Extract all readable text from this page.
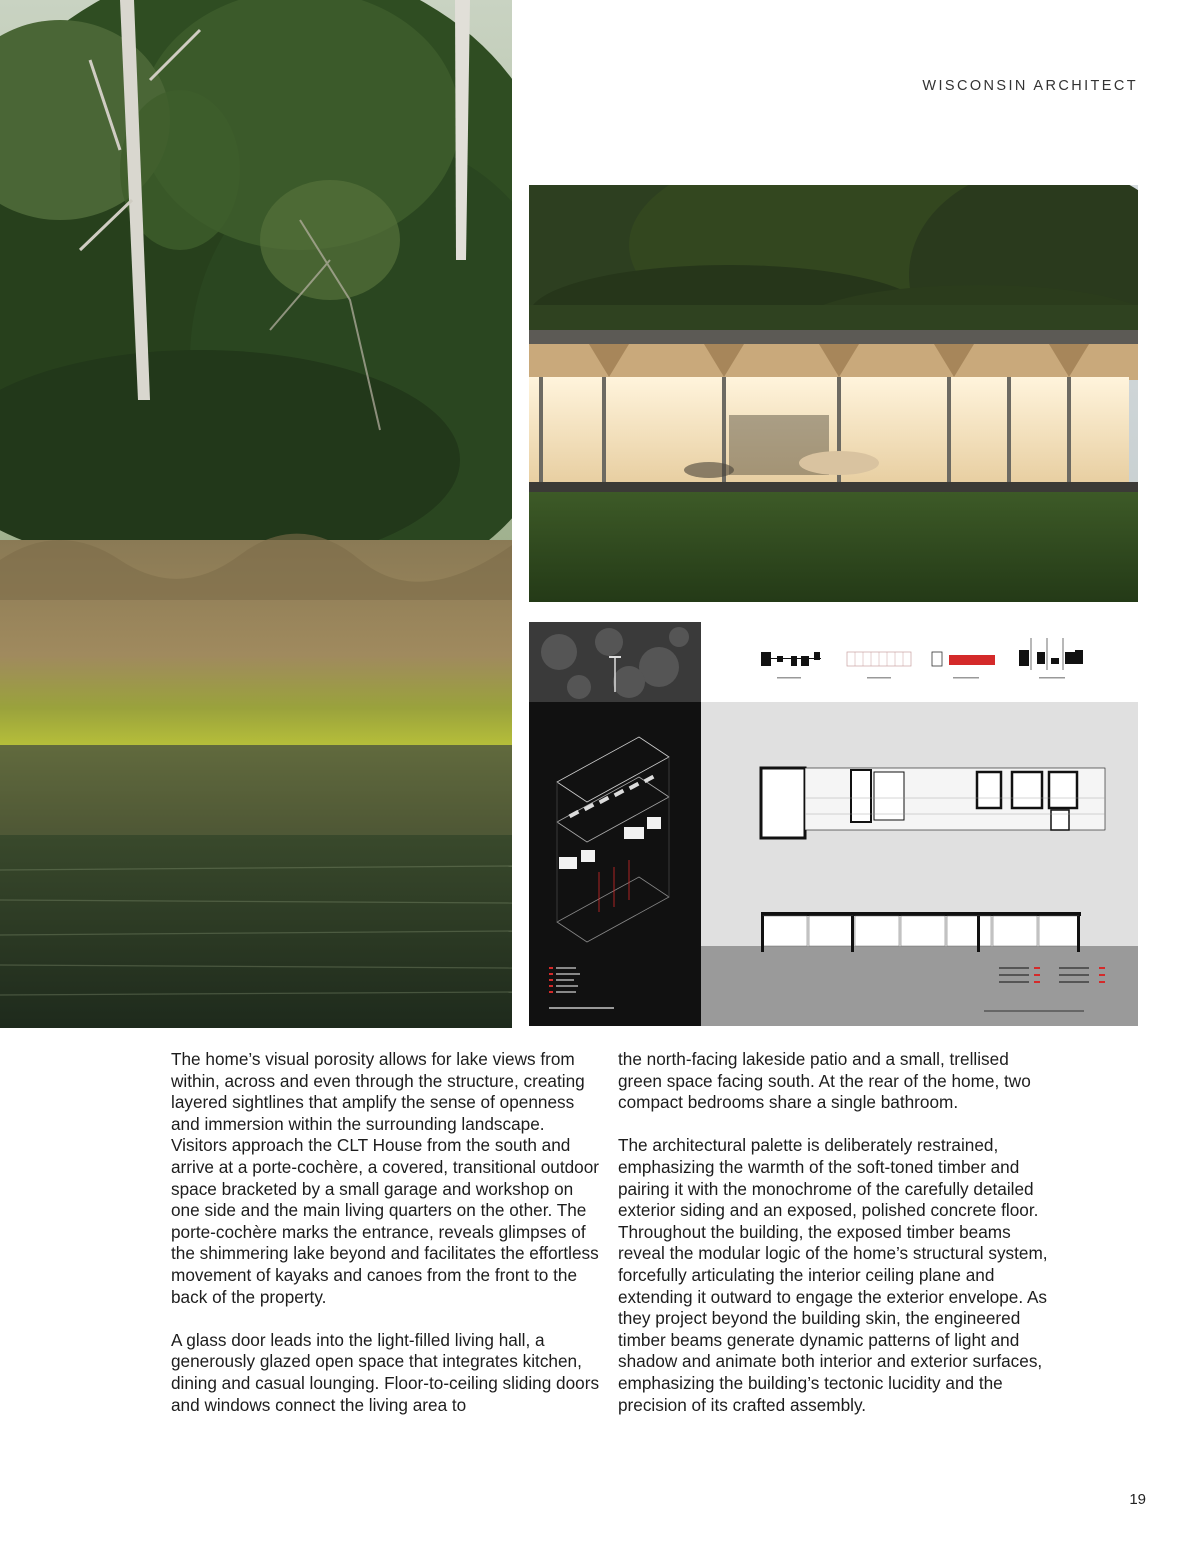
WISCONSIN ARCHITECT

The home’s visual porosity allows for lake views from within, across and even through the structure, creating layered sightlines that amplify the sense of openness and immersion within the surrounding landscape. Visitors approach the CLT House from the south and arrive at a porte-cochère, a covered, transitional outdoor space bracketed by a small garage and workshop on one side and the main living quarters on the other. The porte-cochère marks the entrance, reveals glimpses of the shimmering lake beyond and facilitates the effortless movement of kayaks and canoes from the front to the back of the property.

A glass door leads into the light-filled living hall, a generously glazed open space that integrates kitchen, dining and casual lounging. Floor-to-ceiling sliding doors and windows connect the living area to

the north-facing lakeside patio and a small, trellised green space facing south. At the rear of the home, two compact bedrooms share a single bathroom.

The architectural palette is deliberately restrained, emphasizing the warmth of the soft-toned timber and pairing it with the monochrome of the carefully detailed exterior siding and an exposed, polished concrete floor. Throughout the building, the exposed timber beams reveal the modular logic of the home’s structural system, forcefully articulating the interior ceiling plane and extending it outward to engage the exterior envelope. As they project beyond the building skin, the engineered timber beams generate dynamic patterns of light and shadow and animate both interior and exterior surfaces, emphasizing the building’s tectonic lucidity and the precision of its crafted assembly.

19
